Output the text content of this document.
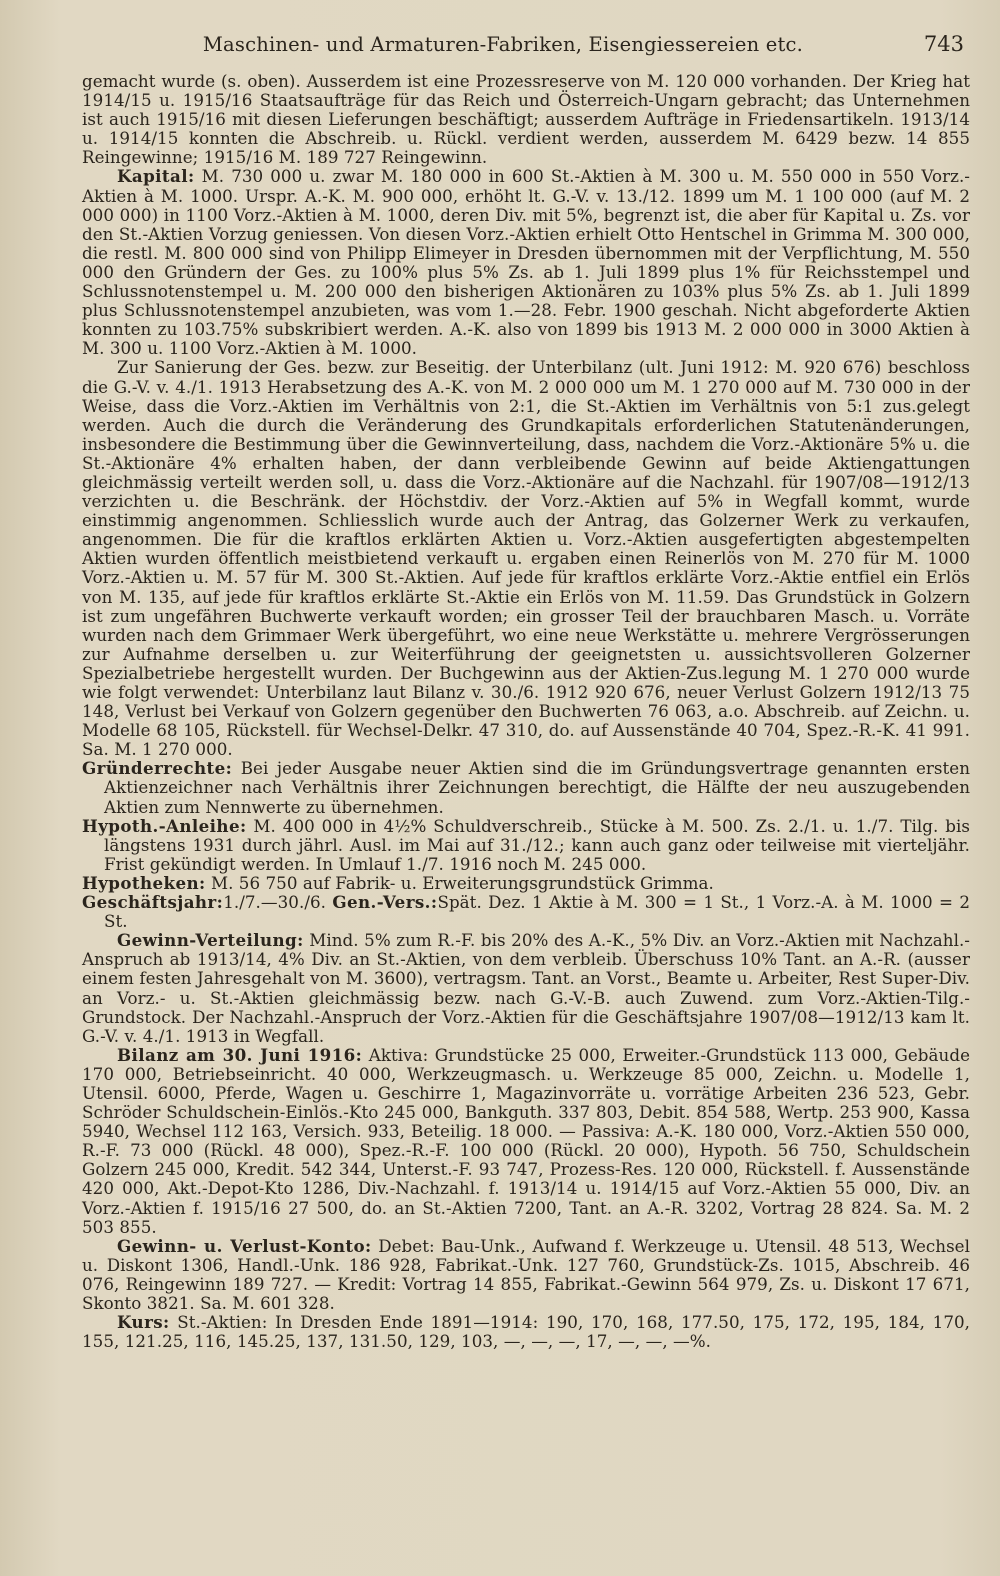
Maschinen- und Armaturen-Fabriken, Eisengiessereien etc.	743

gemacht wurde (s. oben). Ausserdem ist eine Prozessreserve von M. 120 000 vorhanden. Der Krieg hat 1914/15 u. 1915/16 Staatsaufträge für das Reich und Österreich-Ungarn gebracht; das Unternehmen ist auch 1915/16 mit diesen Lieferungen beschäftigt; ausserdem Aufträge in Friedensartikeln. 1913/14 u. 1914/15 konnten die Abschreib. u. Rückl. verdient werden, ausserdem M. 6429 bezw. 14 855 Reingewinne; 1915/16 M. 189 727 Reingewinn.

Kapital: M. 730 000 u. zwar M. 180 000 in 600 St.-Aktien à M. 300 u. M. 550 000 in 550 Vorz.-Aktien à M. 1000. Urspr. A.-K. M. 900 000, erhöht lt. G.-V. v. 13./12. 1899 um M. 1 100 000 (auf M. 2 000 000) in 1100 Vorz.-Aktien à M. 1000, deren Div. mit 5%, begrenzt ist, die aber für Kapital u. Zs. vor den St.-Aktien Vorzug geniessen. Von diesen Vorz.-Aktien erhielt Otto Hentschel in Grimma M. 300 000, die restl. M. 800 000 sind von Philipp Elimeyer in Dresden übernommen mit der Verpflichtung, M. 550 000 den Gründern der Ges. zu 100% plus 5% Zs. ab 1. Juli 1899 plus 1% für Reichsstempel und Schlussnotenstempel u. M. 200 000 den bisherigen Aktionären zu 103% plus 5% Zs. ab 1. Juli 1899 plus Schlussnotenstempel anzubieten, was vom 1.—28. Febr. 1900 geschah. Nicht abgeforderte Aktien konnten zu 103.75% subskribiert werden. A.-K. also von 1899 bis 1913 M. 2 000 000 in 3000 Aktien à M. 300 u. 1100 Vorz.-Aktien à M. 1000.

Zur Sanierung der Ges. bezw. zur Beseitig. der Unterbilanz (ult. Juni 1912: M. 920 676) beschloss die G.-V. v. 4./1. 1913 Herabsetzung des A.-K. von M. 2 000 000 um M. 1 270 000 auf M. 730 000 in der Weise, dass die Vorz.-Aktien im Verhältnis von 2:1, die St.-Aktien im Verhältnis von 5:1 zus.gelegt werden. Auch die durch die Veränderung des Grundkapitals erforderlichen Statutenänderungen, insbesondere die Bestimmung über die Gewinnverteilung, dass, nachdem die Vorz.-Aktionäre 5% u. die St.-Aktionäre 4% erhalten haben, der dann verbleibende Gewinn auf beide Aktiengattungen gleichmässig verteilt werden soll, u. dass die Vorz.-Aktionäre auf die Nachzahl. für 1907/08—1912/13 verzichten u. die Beschränk. der Höchstdiv. der Vorz.-Aktien auf 5% in Wegfall kommt, wurde einstimmig angenommen. Schliesslich wurde auch der Antrag, das Golzerner Werk zu verkaufen, angenommen. Die für die kraftlos erklärten Aktien u. Vorz.-Aktien ausgefertigten abgestempelten Aktien wurden öffentlich meistbietend verkauft u. ergaben einen Reinerlös von M. 270 für M. 1000 Vorz.-Aktien u. M. 57 für M. 300 St.-Aktien. Auf jede für kraftlos erklärte Vorz.-Aktie entfiel ein Erlös von M. 135, auf jede für kraftlos erklärte St.-Aktie ein Erlös von M. 11.59. Das Grundstück in Golzern ist zum ungefähren Buchwerte verkauft worden; ein grosser Teil der brauchbaren Masch. u. Vorräte wurden nach dem Grimmaer Werk übergeführt, wo eine neue Werkstätte u. mehrere Vergrösserungen zur Aufnahme derselben u. zur Weiterführung der geeignetsten u. aussichtsvolleren Golzerner Spezialbetriebe hergestellt wurden. Der Buchgewinn aus der Aktien-Zus.legung M. 1 270 000 wurde wie folgt verwendet: Unterbilanz laut Bilanz v. 30./6. 1912 920 676, neuer Verlust Golzern 1912/13 75 148, Verlust bei Verkauf von Golzern gegenüber den Buchwerten 76 063, a.o. Abschreib. auf Zeichn. u. Modelle 68 105, Rückstell. für Wechsel-Delkr. 47 310, do. auf Aussenstände 40 704, Spez.-R.-K. 41 991. Sa. M. 1 270 000.

Gründerrechte: Bei jeder Ausgabe neuer Aktien sind die im Gründungsvertrage genannten ersten Aktienzeichner nach Verhältnis ihrer Zeichnungen berechtigt, die Hälfte der neu auszugebenden Aktien zum Nennwerte zu übernehmen.

Hypoth.-Anleihe: M. 400 000 in 4½% Schuldverschreib., Stücke à M. 500. Zs. 2./1. u. 1./7. Tilg. bis längstens 1931 durch jährl. Ausl. im Mai auf 31./12.; kann auch ganz oder teilweise mit vierteljähr. Frist gekündigt werden. In Umlauf 1./7. 1916 noch M. 245 000.

Hypotheken: M. 56 750 auf Fabrik- u. Erweiterungsgrundstück Grimma.

Geschäftsjahr:1./7.—30./6. Gen.-Vers.:Spät. Dez. 1 Aktie à M. 300 = 1 St., 1 Vorz.-A. à M. 1000 = 2 St.

Gewinn-Verteilung: Mind. 5% zum R.-F. bis 20% des A.-K., 5% Div. an Vorz.-Aktien mit Nachzahl.-Anspruch ab 1913/14, 4% Div. an St.-Aktien, von dem verbleib. Überschuss 10% Tant. an A.-R. (ausser einem festen Jahresgehalt von M. 3600), vertragsm. Tant. an Vorst., Beamte u. Arbeiter, Rest Super-Div. an Vorz.- u. St.-Aktien gleichmässig bezw. nach G.-V.-B. auch Zuwend. zum Vorz.-Aktien-Tilg.-Grundstock. Der Nachzahl.-Anspruch der Vorz.-Aktien für die Geschäftsjahre 1907/08—1912/13 kam lt. G.-V. v. 4./1. 1913 in Wegfall.

Bilanz am 30. Juni 1916: Aktiva: Grundstücke 25 000, Erweiter.-Grundstück 113 000, Gebäude 170 000, Betriebseinricht. 40 000, Werkzeugmasch. u. Werkzeuge 85 000, Zeichn. u. Modelle 1, Utensil. 6000, Pferde, Wagen u. Geschirre 1, Magazinvorräte u. vorrätige Arbeiten 236 523, Gebr. Schröder Schuldschein-Einlös.-Kto 245 000, Bankguth. 337 803, Debit. 854 588, Wertp. 253 900, Kassa 5940, Wechsel 112 163, Versich. 933, Beteilig. 18 000. — Passiva: A.-K. 180 000, Vorz.-Aktien 550 000, R.-F. 73 000 (Rückl. 48 000), Spez.-R.-F. 100 000 (Rückl. 20 000), Hypoth. 56 750, Schuldschein Golzern 245 000, Kredit. 542 344, Unterst.-F. 93 747, Prozess-Res. 120 000, Rückstell. f. Aussenstände 420 000, Akt.-Depot-Kto 1286, Div.-Nachzahl. f. 1913/14 u. 1914/15 auf Vorz.-Aktien 55 000, Div. an Vorz.-Aktien f. 1915/16 27 500, do. an St.-Aktien 7200, Tant. an A.-R. 3202, Vortrag 28 824. Sa. M. 2 503 855.

Gewinn- u. Verlust-Konto: Debet: Bau-Unk., Aufwand f. Werkzeuge u. Utensil. 48 513, Wechsel u. Diskont 1306, Handl.-Unk. 186 928, Fabrikat.-Unk. 127 760, Grundstück-Zs. 1015, Abschreib. 46 076, Reingewinn 189 727. — Kredit: Vortrag 14 855, Fabrikat.-Gewinn 564 979, Zs. u. Diskont 17 671, Skonto 3821. Sa. M. 601 328.

Kurs: St.-Aktien: In Dresden Ende 1891—1914: 190, 170, 168, 177.50, 175, 172, 195, 184, 170, 155, 121.25, 116, 145.25, 137, 131.50, 129, 103, —, —, —, 17, —, —, —%.
